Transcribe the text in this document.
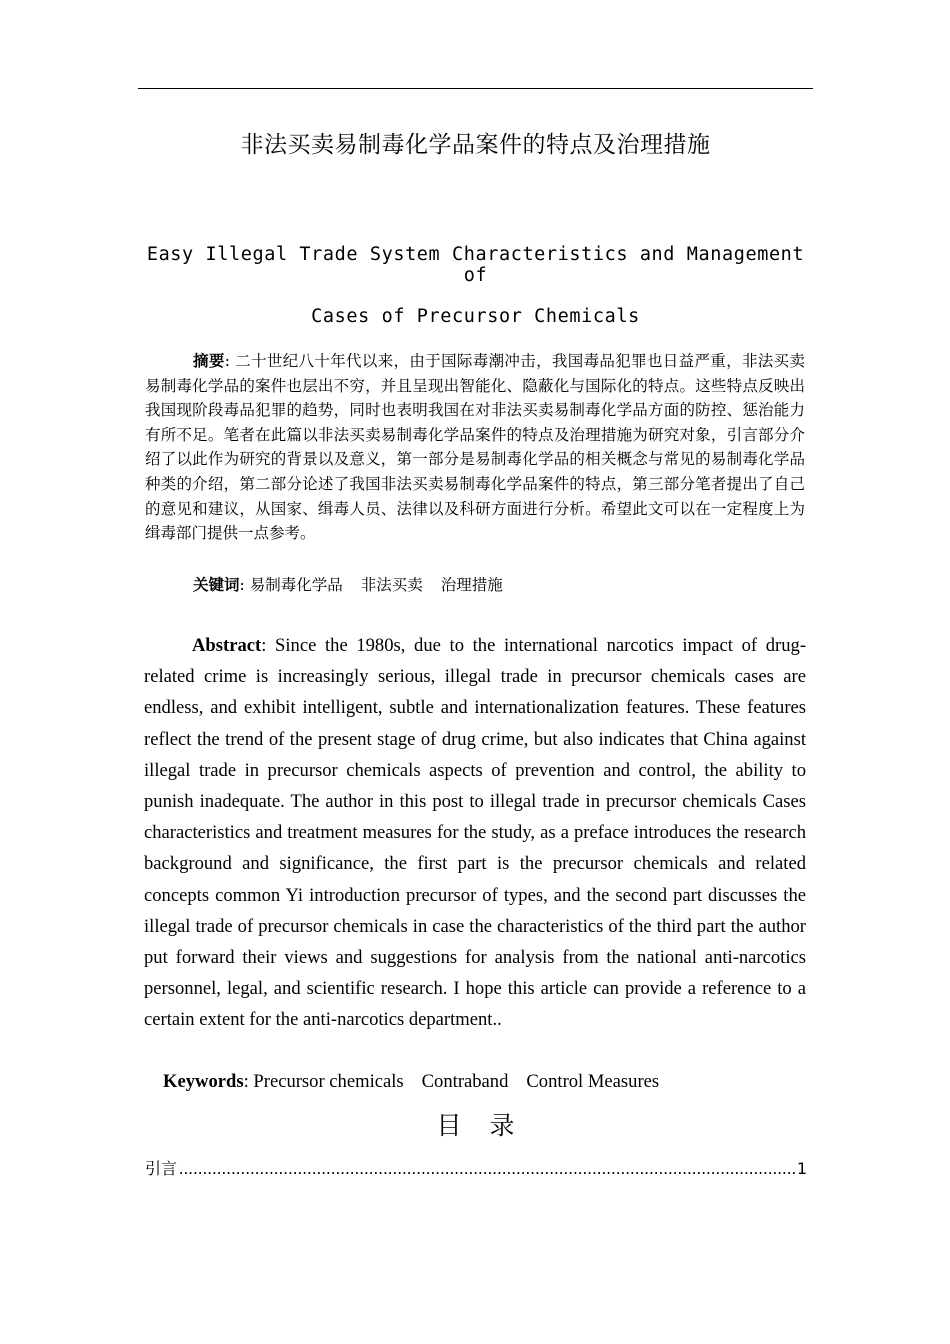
非法买卖易制毒化学品案件的特点及治理措施
Easy Illegal Trade System Characteristics and Management of
Cases of Precursor Chemicals
摘要: 二十世纪八十年代以来，由于国际毒潮冲击，我国毒品犯罪也日益严重，非法买卖易制毒化学品的案件也层出不穷，并且呈现出智能化、隐蔽化与国际化的特点。这些特点反映出我国现阶段毒品犯罪的趋势，同时也表明我国在对非法买卖易制毒化学品方面的防控、惩治能力有所不足。笔者在此篇以非法买卖易制毒化学品案件的特点及治理措施为研究对象，引言部分介绍了以此作为研究的背景以及意义，第一部分是易制毒化学品的相关概念与常见的易制毒化学品种类的介绍，第二部分论述了我国非法买卖易制毒化学品案件的特点，第三部分笔者提出了自己的意见和建议，从国家、缉毒人员、法律以及科研方面进行分析。希望此文可以在一定程度上为缉毒部门提供一点参考。
关键词: 易制毒化学品 非法买卖 治理措施
Abstract: Since the 1980s, due to the international narcotics impact of drug-related crime is increasingly serious, illegal trade in precursor chemicals cases are endless, and exhibit intelligent, subtle and internationalization features. These features reflect the trend of the present stage of drug crime, but also indicates that China against illegal trade in precursor chemicals aspects of prevention and control, the ability to punish inadequate. The author in this post to illegal trade in precursor chemicals Cases characteristics and treatment measures for the study, as a preface introduces the research background and significance, the first part is the precursor chemicals and related concepts common Yi introduction precursor of types, and the second part discusses the illegal trade of precursor chemicals in case the characteristics of the third part the author put forward their views and suggestions for analysis from the national anti-narcotics personnel, legal, and scientific research. I hope this article can provide a reference to a certain extent for the anti-narcotics department..
Keywords: Precursor chemicals Contraband Control Measures
目录
引言
.....	1
